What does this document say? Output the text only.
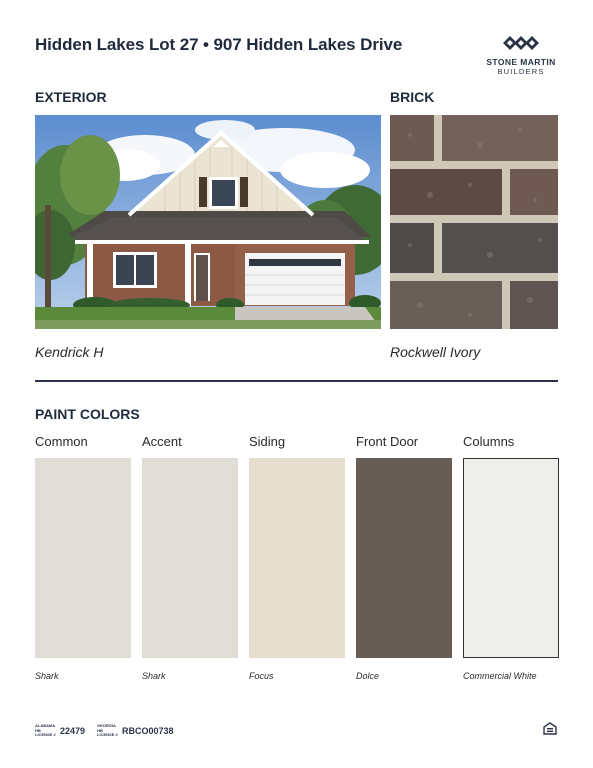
Hidden Lakes Lot 27 • 907 Hidden Lakes Drive
STONE MARTIN
BUILDERS
EXTERIOR	BRICK
Kendrick H	Rockwell Ivory
PAINT COLORS
Common	Accent	Siding	Front Door	Columns
Shark	Shark	Focus	Dolce	Commercial White
ALABAMA HB LICENSE # 22479
GEORGIA HB LICENSE # RBCO00738
